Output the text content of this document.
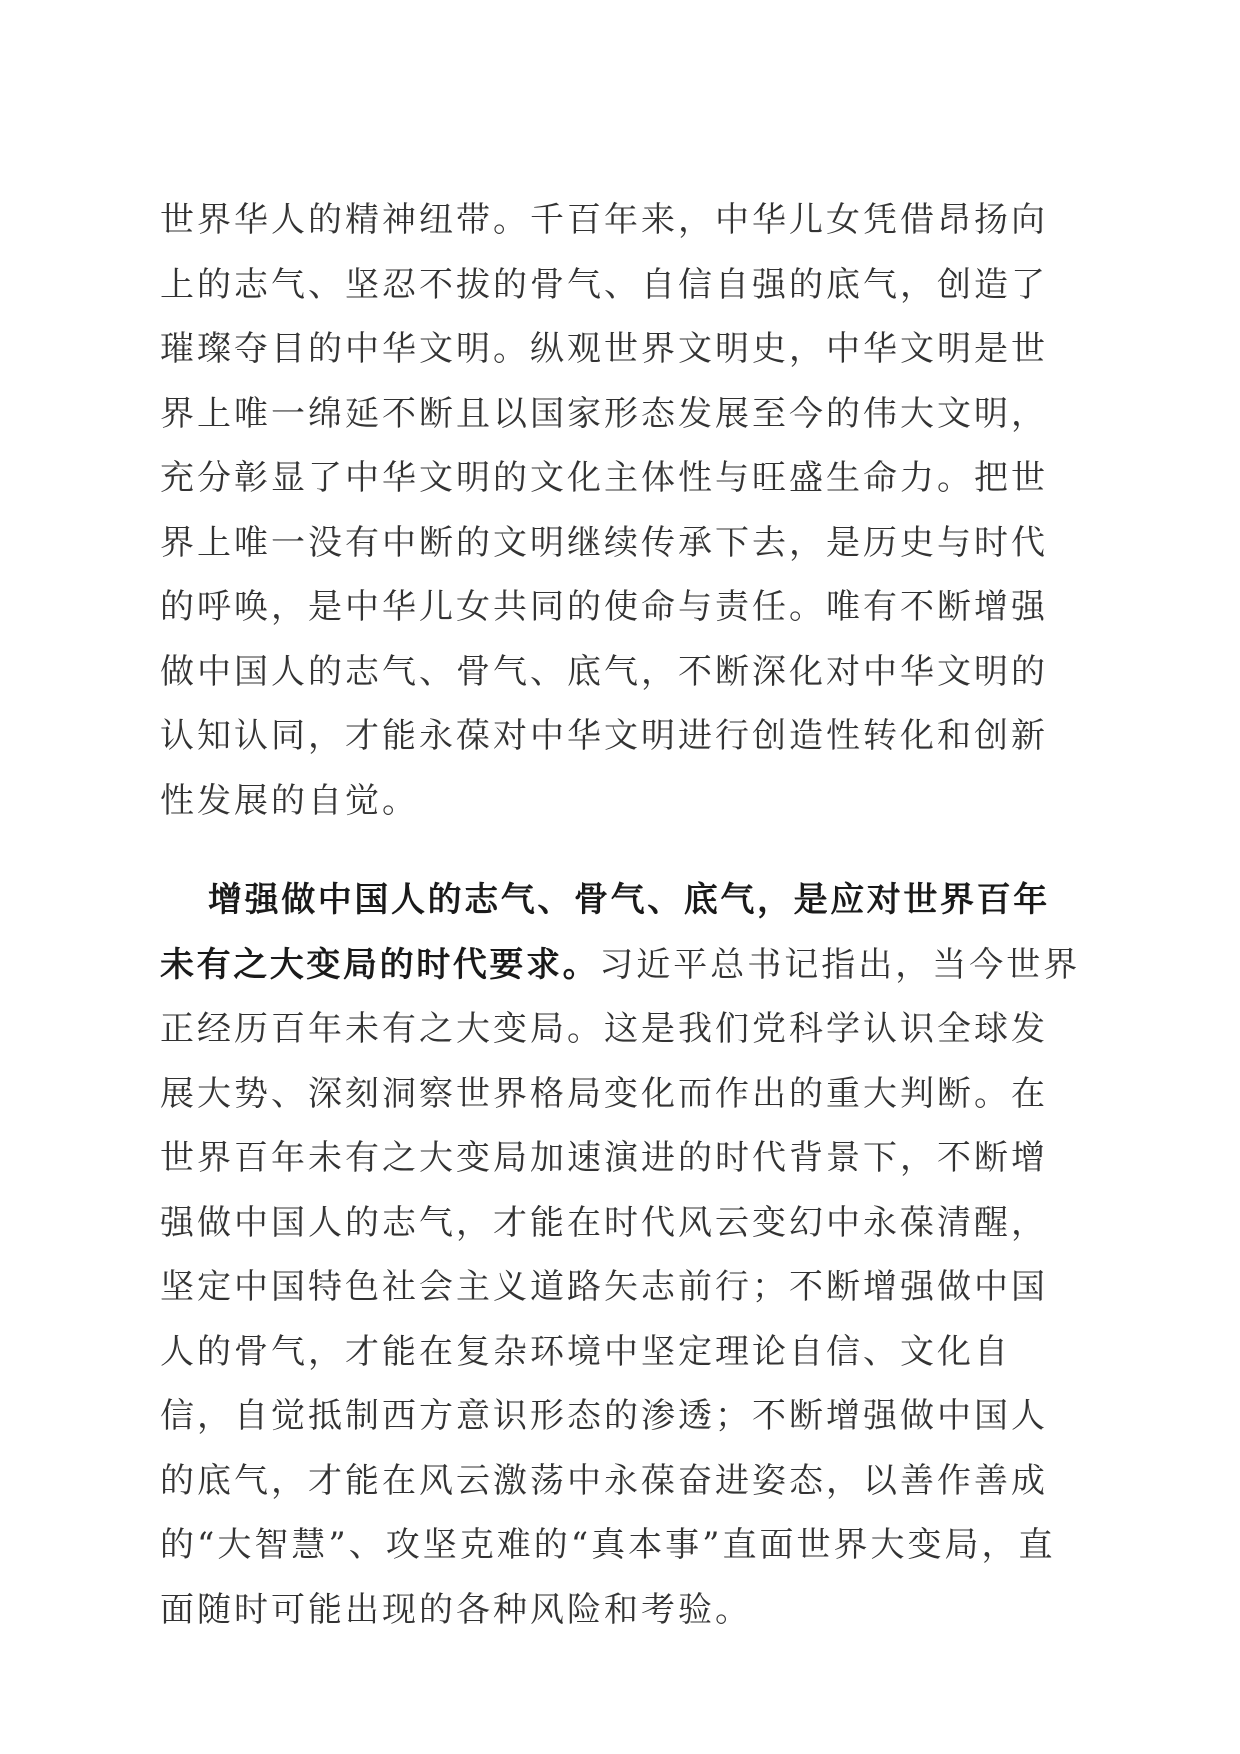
世界华人的精神纽带。千百年来，中华儿女凭借昂扬向上的志气、坚忍不拔的骨气、自信自强的底气，创造了璀璨夺目的中华文明。纵观世界文明史，中华文明是世界上唯一绵延不断且以国家形态发展至今的伟大文明，充分彰显了中华文明的文化主体性与旺盛生命力。把世界上唯一没有中断的文明继续传承下去，是历史与时代的呼唤，是中华儿女共同的使命与责任。唯有不断增强做中国人的志气、骨气、底气，不断深化对中华文明的认知认同，才能永葆对中华文明进行创造性转化和创新性发展的自觉。

增强做中国人的志气、骨气、底气，是应对世界百年未有之大变局的时代要求。习近平总书记指出，当今世界正经历百年未有之大变局。这是我们党科学认识全球发展大势、深刻洞察世界格局变化而作出的重大判断。在世界百年未有之大变局加速演进的时代背景下，不断增强做中国人的志气，才能在时代风云变幻中永葆清醒，坚定中国特色社会主义道路矢志前行；不断增强做中国人的骨气，才能在复杂环境中坚定理论自信、文化自信，自觉抵制西方意识形态的渗透；不断增强做中国人的底气，才能在风云激荡中永葆奋进姿态，以善作善成的“大智慧”、攻坚克难的“真本事”直面世界大变局，直面随时可能出现的各种风险和考验。
